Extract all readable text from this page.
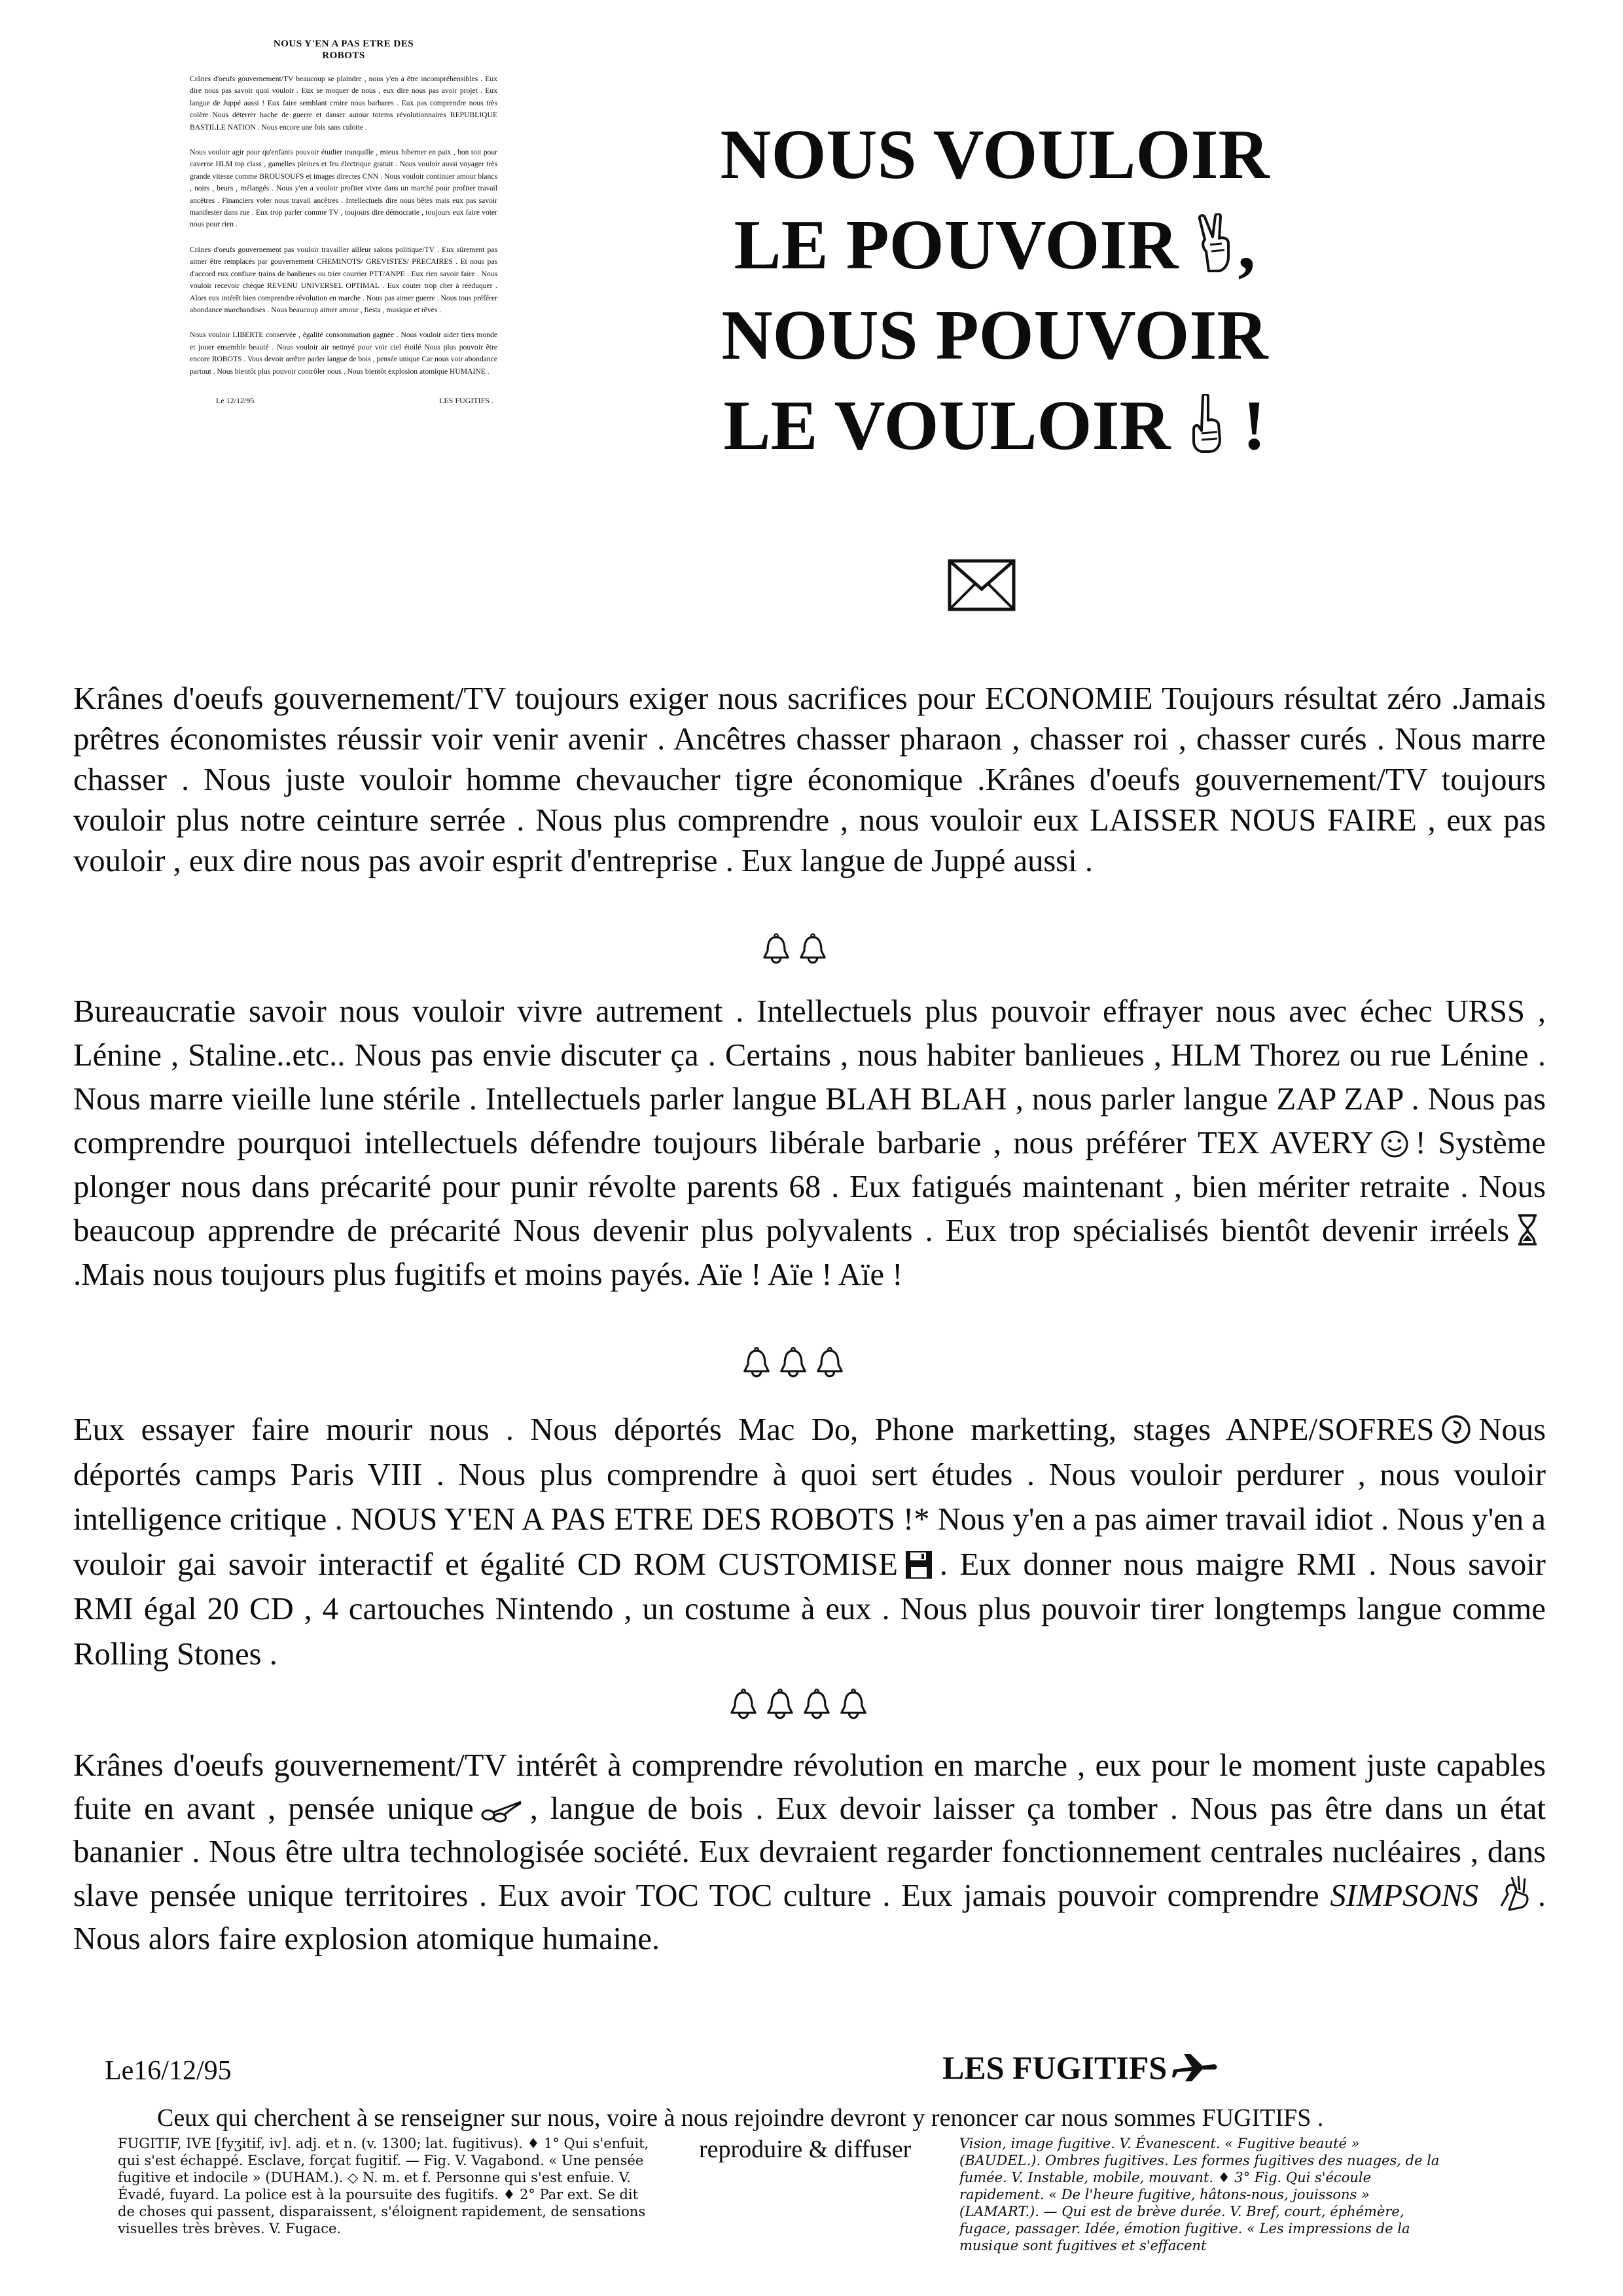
NOUS Y'EN A PAS ETRE DES ROBOTS

Crânes d'oeufs gouvernement/TV beaucoup se plaindre , nous y'en a être incompréhensibles . Eux dire nous pas savoir quoi vouloir . Eux se moquer de nous , eux dire nous pas avoir projet . Eux langue de Juppé aussi ! Eux faire semblant croire nous barbares . Eux pas comprendre nous très colère Nous déterrer hache de guerre et danser autour totems révolutionnaires REPUBLIQUE BASTILLE NATION . Nous encore une fois sans culotte .

Nous vouloir agir pour qu'enfants pouvoir étudier tranquille , mieux hiberner en paix , bon toit pour caverne HLM top class , gamelles pleines et feu électrique gratuit . Nous vouloir aussi voyager très grande vitesse comme BROUSOUFS et images directes CNN . Nous vouloir continuer amour blancs , noirs , beurs , mélangés . Nous y'en a vouloir profiter vivre dans un marché pour profiter travail ancêtres . Financiers voler nous travail ancêtres . Intellectuels dire nous bêtes mais eux pas savoir manifester dans rue . Eux trop parler comme TV , toujours dire démocratie , toujours eux faire voter nous pour rien .

Crânes d'oeufs gouvernement pas vouloir travailler ailleur salons politique/TV . Eux sûrement pas aimer être remplacés par gouvernement CHEMINOTS/ GREVISTES/ PRECAIRES . Et nous pas d'accord eux confiure trains de banlieues ou trier courrier PTT/ANPE . Eux rien savoir faire . Nous vouloir recevoir chèque REVENU UNIVERSEL OPTIMAL . Eux couter trop cher à rééduquer . Alors eux intérêt bien comprendre révolution en marche . Nous pas aimer guerre . Nous tous préférer abondance marchandises . Nous beaucoup aimer amour , fiesta , musique et rêves .

Nous vouloir LIBERTE conservée , égalité consommation gagnée . Nous vouloir aider tiers monde et jouer ensemble beauté . Nous vouloir air nettoyé pour voir ciel étoilé Nous plus pouvoir être encore ROBOTS . Vous devoir arrêter parler langue de bois , pensée unique Car nous voir abondance partout . Nous bientôt plus pouvoir contrôler nous . Nous bientôt explosion atomique HUMAINE .

Le 12/12/95	LES FUGITIFS .
NOUS VOULOIR
LE POUVOIR ,
NOUS POUVOIR
LE VOULOIR !

Krânes d'oeufs gouvernement/TV toujours exiger nous sacrifices pour ECONOMIE Toujours résultat zéro .Jamais prêtres économistes réussir voir venir avenir . Ancêtres chasser pharaon , chasser roi , chasser curés . Nous marre chasser . Nous juste vouloir homme chevaucher tigre économique .Krânes d'oeufs gouvernement/TV toujours vouloir plus notre ceinture serrée . Nous plus comprendre , nous vouloir eux LAISSER NOUS FAIRE , eux pas vouloir , eux dire nous pas avoir esprit d'entreprise . Eux langue de Juppé aussi .

Bureaucratie savoir nous vouloir vivre autrement . Intellectuels plus pouvoir effrayer nous avec échec URSS , Lénine , Staline..etc.. Nous pas envie discuter ça . Certains , nous habiter banlieues , HLM Thorez ou rue Lénine . Nous marre vieille lune stérile . Intellectuels parler langue BLAH BLAH , nous parler langue ZAP ZAP . Nous pas comprendre pourquoi intellectuels défendre toujours libérale barbarie , nous préférer TEX AVERY ! Système plonger nous dans précarité pour punir révolte parents 68 . Eux fatigués maintenant , bien mériter retraite . Nous beaucoup apprendre de précarité Nous devenir plus polyvalents . Eux trop spécialisés bientôt devenir irréels.Mais nous toujours plus fugitifs et moins payés. Aïe ! Aïe ! Aïe !

Eux essayer faire mourir nous . Nous déportés Mac Do, Phone marketting, stages ANPE/SOFRES Nous déportés camps Paris VIII . Nous plus comprendre à quoi sert études . Nous vouloir perdurer , nous vouloir intelligence critique . NOUS Y'EN A PAS ETRE DES ROBOTS !* Nous y'en a pas aimer travail idiot . Nous y'en a vouloir gai savoir interactif et égalité CD ROM CUSTOMISE . Eux donner nous maigre RMI . Nous savoir RMI égal 20 CD , 4 cartouches Nintendo , un costume à eux . Nous plus pouvoir tirer longtemps langue comme Rolling Stones .

Krânes d'oeufs gouvernement/TV intérêt à comprendre révolution en marche , eux pour le moment juste capables fuite en avant , pensée unique , langue de bois . Eux devoir laisser ça tomber . Nous pas être dans un état bananier . Nous être ultra technologisée société. Eux devraient regarder fonctionnement centrales nucléaires , dans slave pensée unique territoires . Eux avoir TOC TOC culture . Eux jamais pouvoir comprendre SIMPSONS . Nous alors faire explosion atomique humaine.

Le16/12/95	LES FUGITIFS
Ceux qui cherchent à se renseigner sur nous, voire à nous rejoindre devront y renoncer car nous sommes FUGITIFS .
reproduire & diffuser

FUGITIF, IVE [fyʒitif, iv]. adj. et n. (v. 1300; lat. fugitivus). ♦ 1° Qui s'enfuit, qui s'est échappé. Esclave, forçat fugitif. — Fig. V. Vagabond. « Une pensée fugitive et indocile » (DUHAM.). ◇ N. m. et f. Personne qui s'est enfuie. V. Évadé, fuyard. La police est à la poursuite des fugitifs. ♦ 2° Par ext. Se dit de choses qui passent, disparaissent, s'éloignent rapidement, de sensations visuelles très brèves. V. Fugace.

Vision, image fugitive. V. Évanescent. « Fugitive beauté » (BAUDEL.). Ombres fugitives. Les formes fugitives des nuages, de la fumée. V. Instable, mobile, mouvant. ♦ 3° Fig. Qui s'écoule rapidement. « De l'heure fugitive, hâtons-nous, jouissons » (LAMART.). — Qui est de brève durée. V. Bref, court, éphémère, fugace, passager. Idée, émotion fugitive. « Les impressions de la musique sont fugitives et s'effacent
